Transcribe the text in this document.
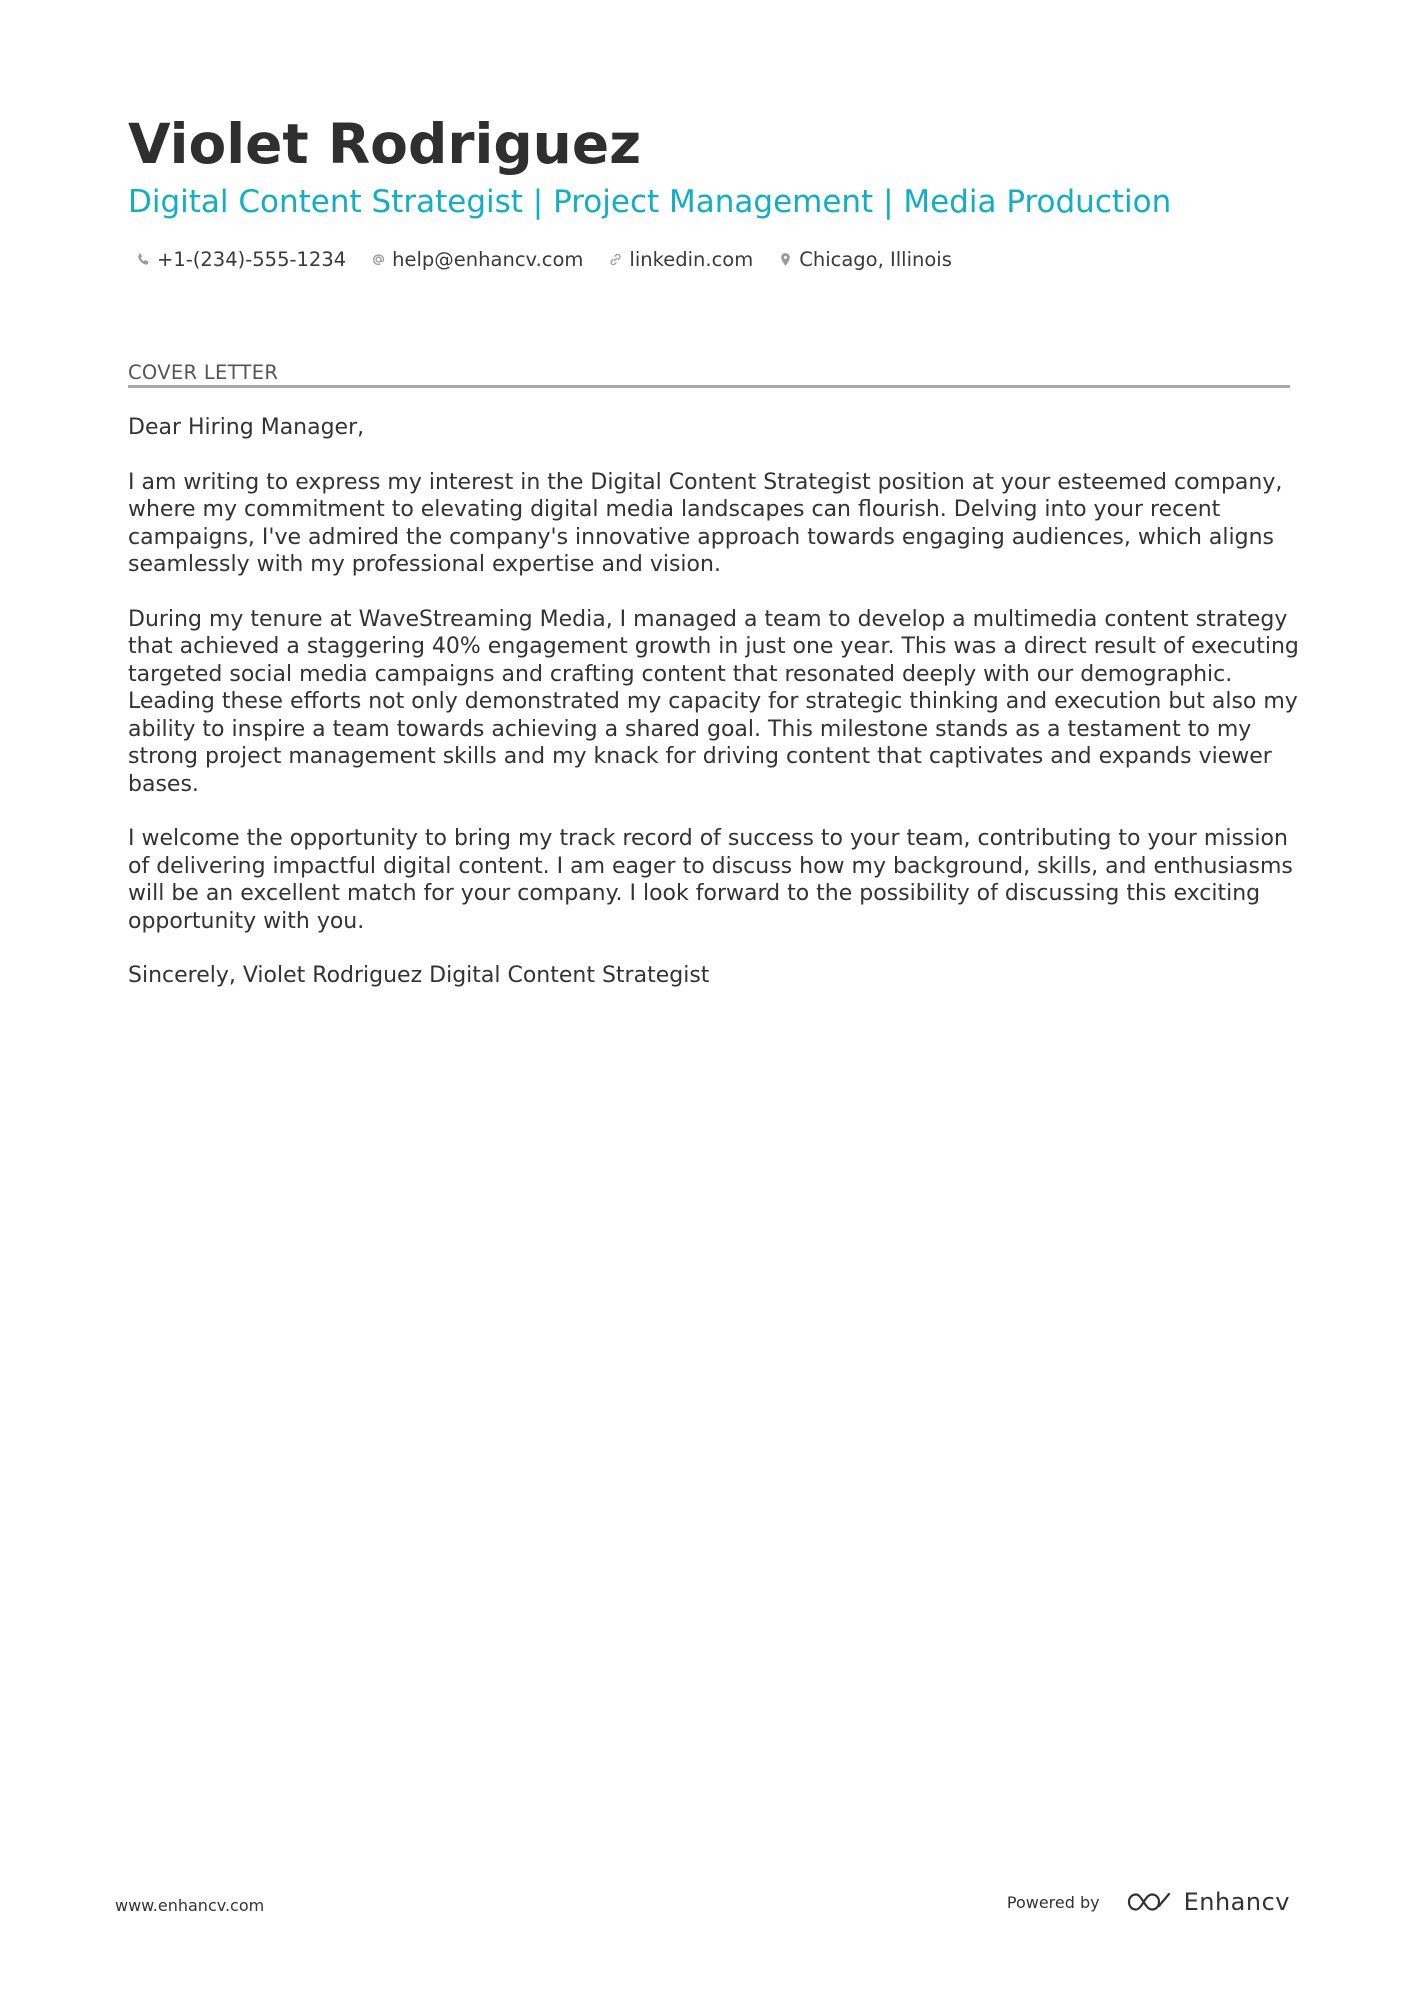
Violet Rodriguez
Digital Content Strategist | Project Management | Media Production
+1-(234)-555-1234 help@enhancv.com linkedin.com Chicago, Illinois
COVER LETTER

Dear Hiring Manager,

I am writing to express my interest in the Digital Content Strategist position at your esteemed company, where my commitment to elevating digital media landscapes can flourish. Delving into your recent campaigns, I've admired the company's innovative approach towards engaging audiences, which aligns seamlessly with my professional expertise and vision.

During my tenure at WaveStreaming Media, I managed a team to develop a multimedia content strategy that achieved a staggering 40% engagement growth in just one year. This was a direct result of executing targeted social media campaigns and crafting content that resonated deeply with our demographic. Leading these efforts not only demonstrated my capacity for strategic thinking and execution but also my ability to inspire a team towards achieving a shared goal. This milestone stands as a testament to my strong project management skills and my knack for driving content that captivates and expands viewer bases.

I welcome the opportunity to bring my track record of success to your team, contributing to your mission of delivering impactful digital content. I am eager to discuss how my background, skills, and enthusiasms will be an excellent match for your company. I look forward to the possibility of discussing this exciting opportunity with you.

Sincerely, Violet Rodriguez Digital Content Strategist

www.enhancv.com	Powered by	Enhancv
